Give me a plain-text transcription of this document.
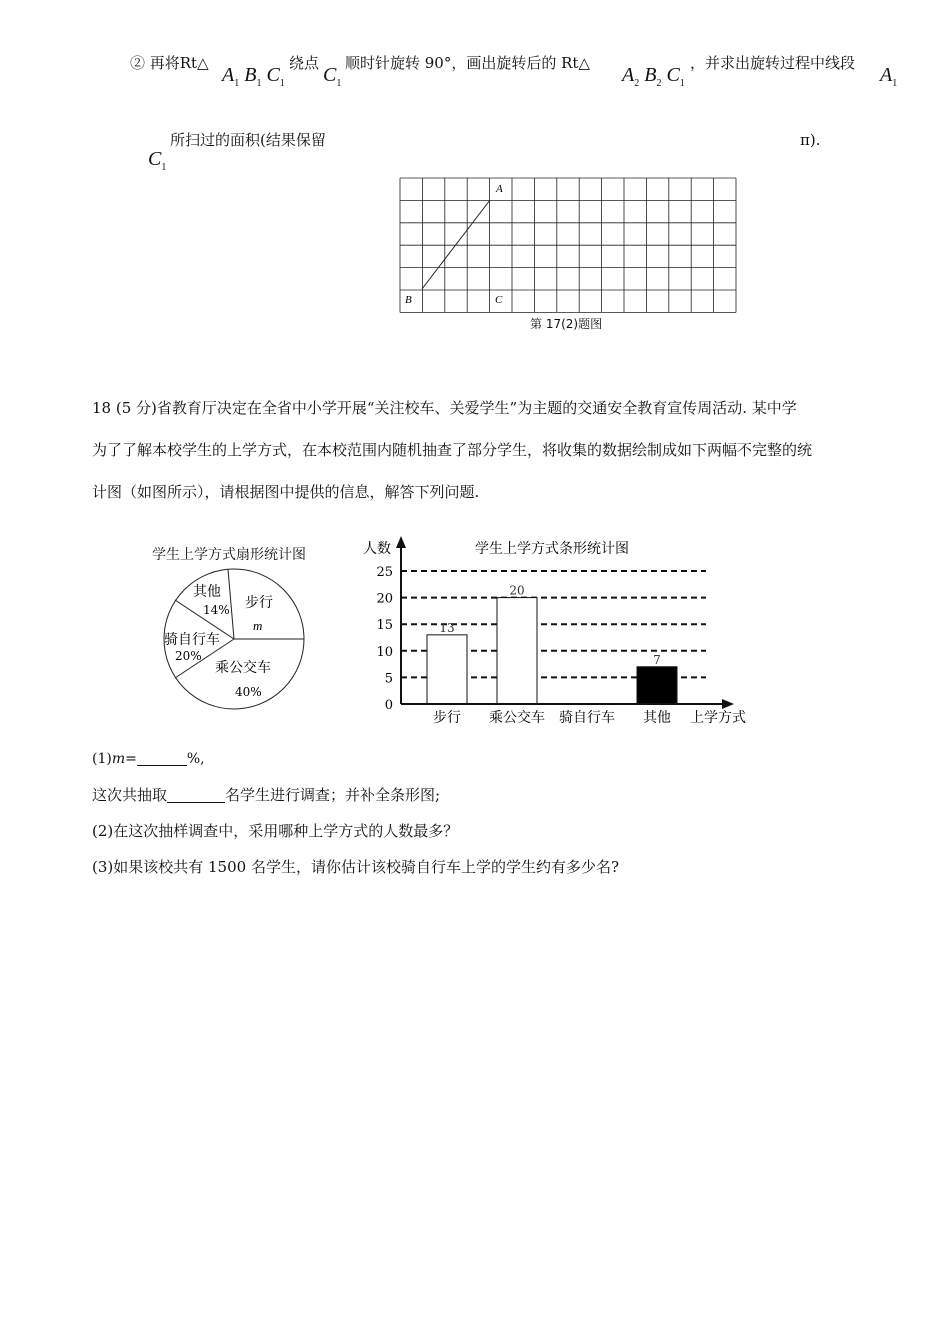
② 再将Rt△
$A_1$ $B_1$ $C_1$
绕点
$C_1$
顺时针旋转 90°，画出旋转后的 Rt△
$A_2$ $B_2$ $C_1$
，并求出旋转过程中线段
$A_1$
$C_1$
所扫过的面积(结果保留	π).
A
B	C
第 17(2)题图
18 (5 分)省教育厅决定在全省中小学开展“关注校车、关爱学生”为主题的交通安全教育宣传周活动. 某中学
为了了解本校学生的上学方式，在本校范围内随机抽查了部分学生，将收集的数据绘制成如下两幅不完整的统
计图（如图所示），请根据图中提供的信息，解答下列问题.
学生上学方式扇形统计图
其他
14% 步行
m
骑自行车
20%
乘公交车
40%
学生上学方式条形统计图
人数
上学方式
0
5
10
15
20
25
13
20
7
步行 乘公交车 骑自行车 其他
(1)m=	%,
这次共抽取	名学生进行调查；并补全条形图;
(2)在这次抽样调查中，采用哪种上学方式的人数最多？
(3)如果该校共有 1500 名学生，请你估计该校骑自行车上学的学生约有多少名?
